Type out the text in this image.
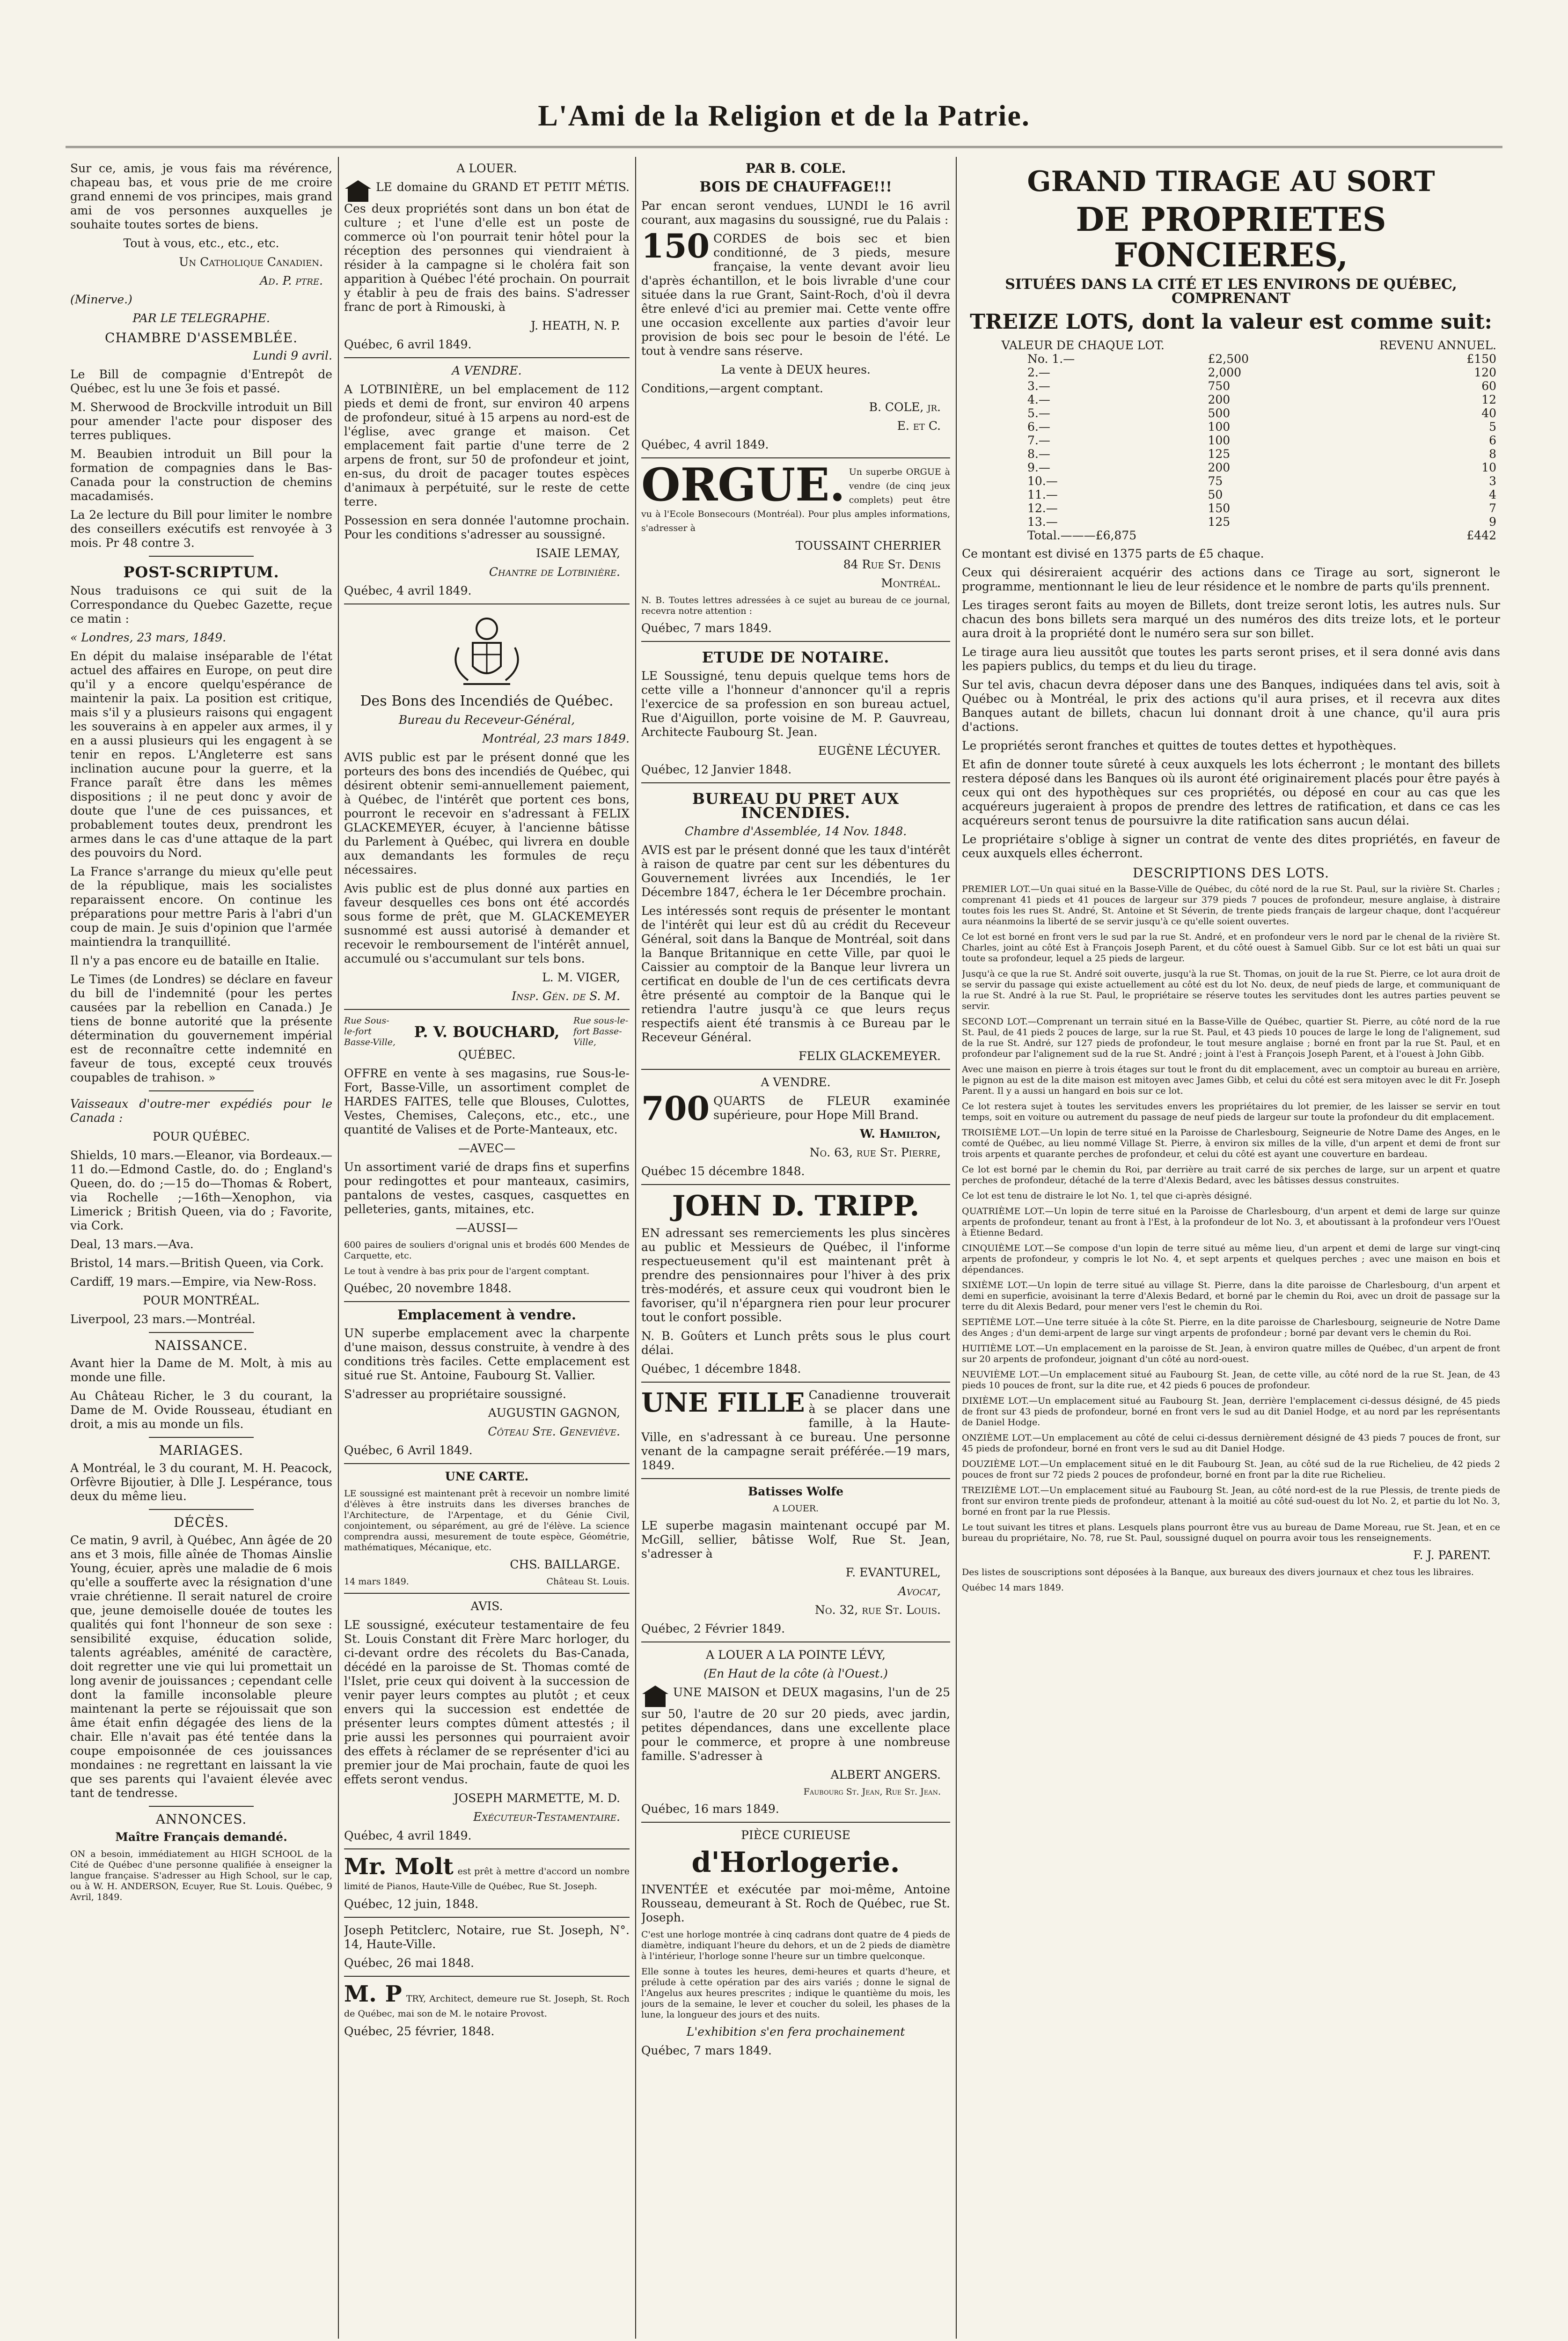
L'Ami de la Religion et de la Patrie.

Sur ce, amis, je vous fais ma révérence, chapeau bas, et vous prie de me croire grand ennemi de vos principes, mais grand ami de vos personnes auxquelles je souhaite toutes sortes de biens.

Tout à vous, etc., etc., etc.

Un Catholique Canadien.

Ad. P. ptre.

(Minerve.)

PAR LE TELEGRAPHE.

CHAMBRE D'ASSEMBLÉE.

Lundi 9 avril.

Le Bill de compagnie d'Entrepôt de Québec, est lu une 3e fois et passé.

M. Sherwood de Brockville introduit un Bill pour amender l'acte pour disposer des terres publiques.

M. Beaubien introduit un Bill pour la formation de compagnies dans le Bas-Canada pour la construction de chemins macadamisés.

La 2e lecture du Bill pour limiter le nombre des conseillers exécutifs est renvoyée à 3 mois. Pr 48 contre 3.

POST-SCRIPTUM.

Nous traduisons ce qui suit de la Correspondance du Quebec Gazette, reçue ce matin :

« Londres, 23 mars, 1849.

En dépit du malaise inséparable de l'état actuel des affaires en Europe, on peut dire qu'il y a encore quelqu'espérance de maintenir la paix. La position est critique, mais s'il y a plusieurs raisons qui engagent les souverains à en appeler aux armes, il y en a aussi plusieurs qui les engagent à se tenir en repos. L'Angleterre est sans inclination aucune pour la guerre, et la France paraît être dans les mêmes dispositions ; il ne peut donc y avoir de doute que l'une de ces puissances, et probablement toutes deux, prendront les armes dans le cas d'une attaque de la part des pouvoirs du Nord.

La France s'arrange du mieux qu'elle peut de la république, mais les socialistes reparaissent encore. On continue les préparations pour mettre Paris à l'abri d'un coup de main. Je suis d'opinion que l'armée maintiendra la tranquillité.

Il n'y a pas encore eu de bataille en Italie.

Le Times (de Londres) se déclare en faveur du bill de l'indemnité (pour les pertes causées par la rebellion en Canada.) Je tiens de bonne autorité que la présente détermination du gouvernement impérial est de reconnaître cette indemnité en faveur de tous, excepté ceux trouvés coupables de trahison. »

Vaisseaux d'outre-mer expédiés pour le Canada :

POUR QUÉBEC.

Shields, 10 mars.—Eleanor, via Bordeaux.—11 do.—Edmond Castle, do. do ; England's Queen, do. do ;—15 do—Thomas & Robert, via Rochelle ;—16th—Xenophon, via Limerick ; British Queen, via do ; Favorite, via Cork.

Deal, 13 mars.—Ava.

Bristol, 14 mars.—British Queen, via Cork.

Cardiff, 19 mars.—Empire, via New-Ross.

POUR MONTRÉAL.

Liverpool, 23 mars.—Montréal.

NAISSANCE.

Avant hier la Dame de M. Molt, à mis au monde une fille.

Au Château Richer, le 3 du courant, la Dame de M. Ovide Rousseau, étudiant en droit, a mis au monde un fils.

MARIAGES.

A Montréal, le 3 du courant, M. H. Peacock, Orfèvre Bijoutier, à Dlle J. Lespérance, tous deux du même lieu.

DÉCÈS.

Ce matin, 9 avril, à Québec, Ann âgée de 20 ans et 3 mois, fille aînée de Thomas Ainslie Young, écuier, après une maladie de 6 mois qu'elle a soufferte avec la résignation d'une vraie chrétienne. Il serait naturel de croire que, jeune demoiselle douée de toutes les qualités qui font l'honneur de son sexe : sensibilité exquise, éducation solide, talents agréables, aménité de caractère, doit regretter une vie qui lui promettait un long avenir de jouissances ; cependant celle dont la famille inconsolable pleure maintenant la perte se réjouissait que son âme était enfin dégagée des liens de la chair. Elle n'avait pas été tentée dans la coupe empoisonnée de ces jouissances mondaines : ne regrettant en laissant la vie que ses parents qui l'avaient élevée avec tant de tendresse.

ANNONCES.

Maître Français demandé.

ON a besoin, immédiatement au HIGH SCHOOL de la Cité de Québec d'une personne qualifiée à enseigner la langue française. S'adresser au High School, sur le cap, ou à W. H. ANDERSON, Ecuyer, Rue St. Louis. Québec, 9 Avril, 1849.

A LOUER.

LE domaine du GRAND ET PETIT MÉTIS. Ces deux propriétés sont dans un bon état de culture ; et l'une d'elle est un poste de commerce où l'on pourrait tenir hôtel pour la réception des personnes qui viendraient à résider à la campagne si le choléra fait son apparition à Québec l'été prochain. On pourrait y établir à peu de frais des bains. S'adresser franc de port à Rimouski, à

J. HEATH, N. P.

Québec, 6 avril 1849.

A VENDRE.

A LOTBINIÈRE, un bel emplacement de 112 pieds et demi de front, sur environ 40 arpens de profondeur, situé à 15 arpens au nord-est de l'église, avec grange et maison. Cet emplacement fait partie d'une terre de 2 arpens de front, sur 50 de profondeur et joint, en-sus, du droit de pacager toutes espèces d'animaux à perpétuité, sur le reste de cette terre.

Possession en sera donnée l'automne prochain. Pour les conditions s'adresser au soussigné.

ISAIE LEMAY,

Chantre de Lotbinière.

Québec, 4 avril 1849.

Des Bons des Incendiés de Québec.

Bureau du Receveur-Général,

Montréal, 23 mars 1849.

AVIS public est par le présent donné que les porteurs des bons des incendiés de Québec, qui désirent obtenir semi-annuellement paiement, à Québec, de l'intérêt que portent ces bons, pourront le recevoir en s'adressant à FELIX GLACKEMEYER, écuyer, à l'ancienne bâtisse du Parlement à Québec, qui livrera en double aux demandants les formules de reçu nécessaires.

Avis public est de plus donné aux parties en faveur desquelles ces bons ont été accordés sous forme de prêt, que M. GLACKEMEYER susnommé est aussi autorisé à demander et recevoir le remboursement de l'intérêt annuel, accumulé ou s'accumulant sur tels bons.

L. M. VIGER,

Insp. Gén. de S. M.

Rue Sous-le-fort Basse-Ville,
P. V. BOUCHARD,
Rue sous-le-fort Basse-Ville,

QUÉBEC.

OFFRE en vente à ses magasins, rue Sous-le-Fort, Basse-Ville, un assortiment complet de HARDES FAITES, telle que Blouses, Culottes, Vestes, Chemises, Caleçons, etc., etc., une quantité de Valises et de Porte-Manteaux, etc.

—AVEC—

Un assortiment varié de draps fins et superfins pour redingottes et pour manteaux, casimirs, pantalons de vestes, casques, casquettes en pelleteries, gants, mitaines, etc.

—AUSSI—

600 paires de souliers d'orignal unis et brodés 600 Mendes de Carquette, etc.

Le tout à vendre à bas prix pour de l'argent comptant.

Québec, 20 novembre 1848.

Emplacement à vendre.

UN superbe emplacement avec la charpente d'une maison, dessus construite, à vendre à des conditions très faciles. Cette emplacement est situé rue St. Antoine, Faubourg St. Vallier.

S'adresser au propriétaire soussigné.

AUGUSTIN GAGNON,

Côteau Ste. Geneviève.

Québec, 6 Avril 1849.

UNE CARTE.

LE soussigné est maintenant prêt à recevoir un nombre limité d'élèves à être instruits dans les diverses branches de l'Architecture, de l'Arpentage, et du Génie Civil, conjointement, ou séparément, au gré de l'élève. La science comprendra aussi, mesurement de toute espèce, Géométrie, mathématiques, Mécanique, etc.

CHS. BAILLARGE.

14 mars 1849.	Château St. Louis.

AVIS.

LE soussigné, exécuteur testamentaire de feu St. Louis Constant dit Frère Marc horloger, du ci-devant ordre des récolets du Bas-Canada, décédé en la paroisse de St. Thomas comté de l'Islet, prie ceux qui doivent à la succession de venir payer leurs comptes au plutôt ; et ceux envers qui la succession est endettée de présenter leurs comptes dûment attestés ; il prie aussi les personnes qui pourraient avoir des effets à réclamer de se représenter d'ici au premier jour de Mai prochain, faute de quoi les effets seront vendus.

JOSEPH MARMETTE, M. D.

Exécuteur-Testamentaire.

Québec, 4 avril 1849.

Mr. Molt est prêt à mettre d'accord un nombre limité de Pianos, Haute-Ville de Québec, Rue St. Joseph.

Québec, 12 juin, 1848.

Joseph Petitclerc, Notaire, rue St. Joseph, N°. 14, Haute-Ville.

Québec, 26 mai 1848.

M. P TRY, Architect, demeure rue St. Joseph, St. Roch de Québec, mai son de M. le notaire Provost.

Québec, 25 février, 1848.

PAR B. COLE.

BOIS DE CHAUFFAGE!!!

Par encan seront vendues, LUNDI le 16 avril courant, aux magasins du soussigné, rue du Palais :

150 CORDES de bois sec et bien conditionné, de 3 pieds, mesure française, la vente devant avoir lieu d'après échantillon, et le bois livrable d'une cour située dans la rue Grant, Saint-Roch, d'où il devra être enlevé d'ici au premier mai. Cette vente offre une occasion excellente aux parties d'avoir leur provision de bois sec pour le besoin de l'été. Le tout à vendre sans réserve.

La vente à DEUX heures.

Conditions,—argent comptant.

B. COLE, jr.

E. et C.

Québec, 4 avril 1849.

ORGUE. Un superbe ORGUE à vendre (de cinq jeux complets) peut être vu à l'Ecole Bonsecours (Montréal). Pour plus amples informations, s'adresser à

TOUSSAINT CHERRIER

84 Rue St. Denis

Montréal.

N. B. Toutes lettres adressées à ce sujet au bureau de ce journal, recevra notre attention :

Québec, 7 mars 1849.

ETUDE DE NOTAIRE.

LE Soussigné, tenu depuis quelque tems hors de cette ville a l'honneur d'annoncer qu'il a repris l'exercice de sa profession en son bureau actuel, Rue d'Aiguillon, porte voisine de M. P. Gauvreau, Architecte Faubourg St. Jean.

EUGÈNE LÉCUYER.

Québec, 12 Janvier 1848.

BUREAU DU PRET AUX INCENDIES.

Chambre d'Assemblée, 14 Nov. 1848.

AVIS est par le présent donné que les taux d'intérêt à raison de quatre par cent sur les débentures du Gouvernement livrées aux Incendiés, le 1er Décembre 1847, échera le 1er Décembre prochain.

Les intéressés sont requis de présenter le montant de l'intérêt qui leur est dû au crédit du Receveur Général, soit dans la Banque de Montréal, soit dans la Banque Britannique en cette Ville, par quoi le Caissier au comptoir de la Banque leur livrera un certificat en double de l'un de ces certificats devra être présenté au comptoir de la Banque qui le retiendra l'autre jusqu'à ce que leurs reçus respectifs aient été transmis à ce Bureau par le Receveur Général.

FELIX GLACKEMEYER.

A VENDRE.

700 QUARTS de FLEUR examinée supérieure, pour Hope Mill Brand.

W. Hamilton,

No. 63, rue St. Pierre,

Québec 15 décembre 1848.

JOHN D. TRIPP.

EN adressant ses remerciements les plus sincères au public et Messieurs de Québec, il l'informe respectueusement qu'il est maintenant prêt à prendre des pensionnaires pour l'hiver à des prix très-modérés, et assure ceux qui voudront bien le favoriser, qu'il n'épargnera rien pour leur procurer tout le confort possible.

N. B. Goûters et Lunch prêts sous le plus court délai.

Québec, 1 décembre 1848.

UNE FILLE Canadienne trouverait à se placer dans une famille, à la Haute-Ville, en s'adressant à ce bureau. Une personne venant de la campagne serait préférée.—19 mars, 1849.

Batisses Wolfe

A LOUER.

LE superbe magasin maintenant occupé par M. McGill, sellier, bâtisse Wolf, Rue St. Jean, s'adresser à

F. EVANTUREL,

Avocat,

No. 32, rue St. Louis.

Québec, 2 Février 1849.

A LOUER A LA POINTE LÉVY,

(En Haut de la côte (à l'Ouest.)

UNE MAISON et DEUX magasins, l'un de 25 sur 50, l'autre de 20 sur 20 pieds, avec jardin, petites dépendances, dans une excellente place pour le commerce, et propre à une nombreuse famille. S'adresser à

ALBERT ANGERS.

Faubourg St. Jean, Rue St. Jean.

Québec, 16 mars 1849.

PIÈCE CURIEUSE

d'Horlogerie.

INVENTÉE et exécutée par moi-même, Antoine Rousseau, demeurant à St. Roch de Québec, rue St. Joseph.

C'est une horloge montrée à cinq cadrans dont quatre de 4 pieds de diamètre, indiquant l'heure du dehors, et un de 2 pieds de diamètre à l'intérieur, l'horloge sonne l'heure sur un timbre quelconque.

Elle sonne à toutes les heures, demi-heures et quarts d'heure, et prélude à cette opération par des airs variés ; donne le signal de l'Angelus aux heures prescrites ; indique le quantième du mois, les jours de la semaine, le lever et coucher du soleil, les phases de la lune, la longueur des jours et des nuits.

L'exhibition s'en fera prochainement

Québec, 7 mars 1849.

GRAND TIRAGE AU SORT

DE PROPRIETES FONCIERES,

SITUÉES DANS LA CITÉ ET LES ENVIRONS DE QUÉBEC, COMPRENANT

TREIZE LOTS, dont la valeur est comme suit:

VALEUR DE CHAQUE LOT.		REVENU ANNUEL.
No. 1.—	£2,500	£150
2.—	2,000	120
3.—	750	60
4.—	200	12
5.—	500	40
6.—	100	5
7.—	100	6
8.—	125	8
9.—	200	10
10.—	75	3
11.—	50	4
12.—	150	7
13.—	125	9
Total.———£6,875		£442

Ce montant est divisé en 1375 parts de £5 chaque.

Ceux qui désireraient acquérir des actions dans ce Tirage au sort, signeront le programme, mentionnant le lieu de leur résidence et le nombre de parts qu'ils prennent.

Les tirages seront faits au moyen de Billets, dont treize seront lotis, les autres nuls. Sur chacun des bons billets sera marqué un des numéros des dits treize lots, et le porteur aura droit à la propriété dont le numéro sera sur son billet.

Le tirage aura lieu aussitôt que toutes les parts seront prises, et il sera donné avis dans les papiers publics, du temps et du lieu du tirage.

Sur tel avis, chacun devra déposer dans une des Banques, indiquées dans tel avis, soit à Québec ou à Montréal, le prix des actions qu'il aura prises, et il recevra aux dites Banques autant de billets, chacun lui donnant droit à une chance, qu'il aura pris d'actions.

Le propriétés seront franches et quittes de toutes dettes et hypothèques.

Et afin de donner toute sûreté à ceux auxquels les lots écherront ; le montant des billets restera déposé dans les Banques où ils auront été originairement placés pour être payés à ceux qui ont des hypothèques sur ces propriétés, ou déposé en cour au cas que les acquéreurs jugeraient à propos de prendre des lettres de ratification, et dans ce cas les acquéreurs seront tenus de poursuivre la dite ratification sans aucun délai.

Le propriétaire s'oblige à signer un contrat de vente des dites propriétés, en faveur de ceux auxquels elles écherront.

DESCRIPTIONS DES LOTS.

PREMIER LOT.—Un quai situé en la Basse-Ville de Québec, du côté nord de la rue St. Paul, sur la rivière St. Charles ; comprenant 41 pieds et 41 pouces de largeur sur 379 pieds 7 pouces de profondeur, mesure anglaise, à distraire toutes fois les rues St. André, St. Antoine et St Séverin, de trente pieds français de largeur chaque, dont l'acquéreur aura néanmoins la liberté de se servir jusqu'à ce qu'elle soient ouvertes.

Ce lot est borné en front vers le sud par la rue St. André, et en profondeur vers le nord par le chenal de la rivière St. Charles, joint au côté Est à François Joseph Parent, et du côté ouest à Samuel Gibb. Sur ce lot est bâti un quai sur toute sa profondeur, lequel a 25 pieds de largeur.

Jusqu'à ce que la rue St. André soit ouverte, jusqu'à la rue St. Thomas, on jouit de la rue St. Pierre, ce lot aura droit de se servir du passage qui existe actuellement au côté est du lot No. deux, de neuf pieds de large, et communiquant de la rue St. André à la rue St. Paul, le propriétaire se réserve toutes les servitudes dont les autres parties peuvent se servir.

SECOND LOT.—Comprenant un terrain situé en la Basse-Ville de Québec, quartier St. Pierre, au côté nord de la rue St. Paul, de 41 pieds 2 pouces de large, sur la rue St. Paul, et 43 pieds 10 pouces de large le long de l'alignement, sud de la rue St. André, sur 127 pieds de profondeur, le tout mesure anglaise ; borné en front par la rue St. Paul, et en profondeur par l'alignement sud de la rue St. André ; joint à l'est à François Joseph Parent, et à l'ouest à John Gibb.

Avec une maison en pierre à trois étages sur tout le front du dit emplacement, avec un comptoir au bureau en arrière, le pignon au est de la dite maison est mitoyen avec James Gibb, et celui du côté est sera mitoyen avec le dit Fr. Joseph Parent. Il y a aussi un hangard en bois sur ce lot.

Ce lot restera sujet à toutes les servitudes envers les propriétaires du lot premier, de les laisser se servir en tout temps, soit en voiture ou autrement du passage de neuf pieds de largeur sur toute la profondeur du dit emplacement.

TROISIÈME LOT.—Un lopin de terre situé en la Paroisse de Charlesbourg, Seigneurie de Notre Dame des Anges, en le comté de Québec, au lieu nommé Village St. Pierre, à environ six milles de la ville, d'un arpent et demi de front sur trois arpents et quarante perches de profondeur, et celui du côté est ayant une couverture en bardeau.

Ce lot est borné par le chemin du Roi, par derrière au trait carré de six perches de large, sur un arpent et quatre perches de profondeur, détaché de la terre d'Alexis Bedard, avec les bâtisses dessus construites.

Ce lot est tenu de distraire le lot No. 1, tel que ci-après désigné.

QUATRIÈME LOT.—Un lopin de terre situé en la Paroisse de Charlesbourg, d'un arpent et demi de large sur quinze arpents de profondeur, tenant au front à l'Est, à la profondeur de lot No. 3, et aboutissant à la profondeur vers l'Ouest à Étienne Bedard.

CINQUIÈME LOT.—Se compose d'un lopin de terre situé au même lieu, d'un arpent et demi de large sur vingt-cinq arpents de profondeur, y compris le lot No. 4, et sept arpents et quelques perches ; avec une maison en bois et dépendances.

SIXIÈME LOT.—Un lopin de terre situé au village St. Pierre, dans la dite paroisse de Charlesbourg, d'un arpent et demi en superficie, avoisinant la terre d'Alexis Bedard, et borné par le chemin du Roi, avec un droit de passage sur la terre du dit Alexis Bedard, pour mener vers l'est le chemin du Roi.

SEPTIÈME LOT.—Une terre située à la côte St. Pierre, en la dite paroisse de Charlesbourg, seigneurie de Notre Dame des Anges ; d'un demi-arpent de large sur vingt arpents de profondeur ; borné par devant vers le chemin du Roi.

HUITIÈME LOT.—Un emplacement en la paroisse de St. Jean, à environ quatre milles de Québec, d'un arpent de front sur 20 arpents de profondeur, joignant d'un côté au nord-ouest.

NEUVIÈME LOT.—Un emplacement situé au Faubourg St. Jean, de cette ville, au côté nord de la rue St. Jean, de 43 pieds 10 pouces de front, sur la dite rue, et 42 pieds 6 pouces de profondeur.

DIXIÈME LOT.—Un emplacement situé au Faubourg St. Jean, derrière l'emplacement ci-dessus désigné, de 45 pieds de front sur 43 pieds de profondeur, borné en front vers le sud au dit Daniel Hodge, et au nord par les représentants de Daniel Hodge.

ONZIÈME LOT.—Un emplacement au côté de celui ci-dessus dernièrement désigné de 43 pieds 7 pouces de front, sur 45 pieds de profondeur, borné en front vers le sud au dit Daniel Hodge.

DOUZIÈME LOT.—Un emplacement situé en le dit Faubourg St. Jean, au côté sud de la rue Richelieu, de 42 pieds 2 pouces de front sur 72 pieds 2 pouces de profondeur, borné en front par la dite rue Richelieu.

TREIZIÈME LOT.—Un emplacement situé au Faubourg St. Jean, au côté nord-est de la rue Plessis, de trente pieds de front sur environ trente pieds de profondeur, attenant à la moitié au côté sud-ouest du lot No. 2, et partie du lot No. 3, borné en front par la rue Plessis.

Le tout suivant les titres et plans. Lesquels plans pourront être vus au bureau de Dame Moreau, rue St. Jean, et en ce bureau du propriétaire, No. 78, rue St. Paul, soussigné duquel on pourra avoir tous les renseignements.

F. J. PARENT.

Des listes de souscriptions sont déposées à la Banque, aux bureaux des divers journaux et chez tous les libraires.

Québec 14 mars 1849.
